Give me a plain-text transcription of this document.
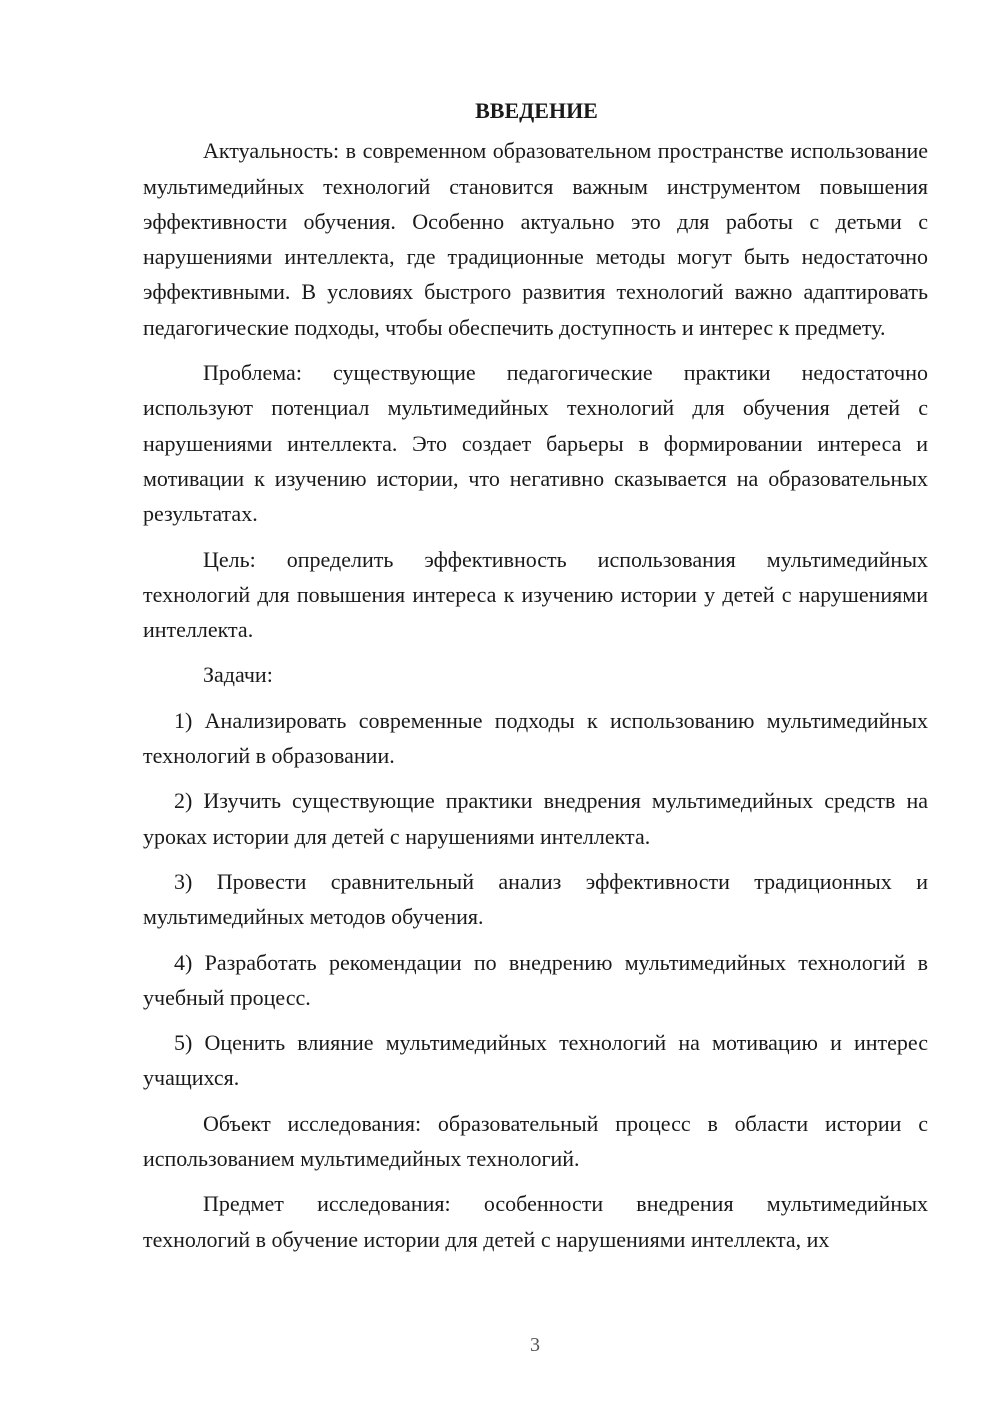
ВВЕДЕНИЕ

Актуальность: в современном образовательном пространстве использование мультимедийных технологий становится важным инструментом повышения эффективности обучения. Особенно актуально это для работы с детьми с нарушениями интеллекта, где традиционные методы могут быть недостаточно эффективными. В условиях быстрого развития технологий важно адаптировать педагогические подходы, чтобы обеспечить доступность и интерес к предмету.

Проблема: существующие педагогические практики недостаточно используют потенциал мультимедийных технологий для обучения детей с нарушениями интеллекта. Это создает барьеры в формировании интереса и мотивации к изучению истории, что негативно сказывается на образовательных результатах.

Цель: определить эффективность использования мультимедийных технологий для повышения интереса к изучению истории у детей с нарушениями интеллекта.

Задачи:

1) Анализировать современные подходы к использованию мультимедийных технологий в образовании.

2) Изучить существующие практики внедрения мультимедийных средств на уроках истории для детей с нарушениями интеллекта.

3) Провести сравнительный анализ эффективности традиционных и мультимедийных методов обучения.

4) Разработать рекомендации по внедрению мультимедийных технологий в учебный процесс.

5) Оценить влияние мультимедийных технологий на мотивацию и интерес учащихся.

Объект исследования: образовательный процесс в области истории с использованием мультимедийных технологий.

Предмет исследования: особенности внедрения мультимедийных технологий в обучение истории для детей с нарушениями интеллекта, их

3
